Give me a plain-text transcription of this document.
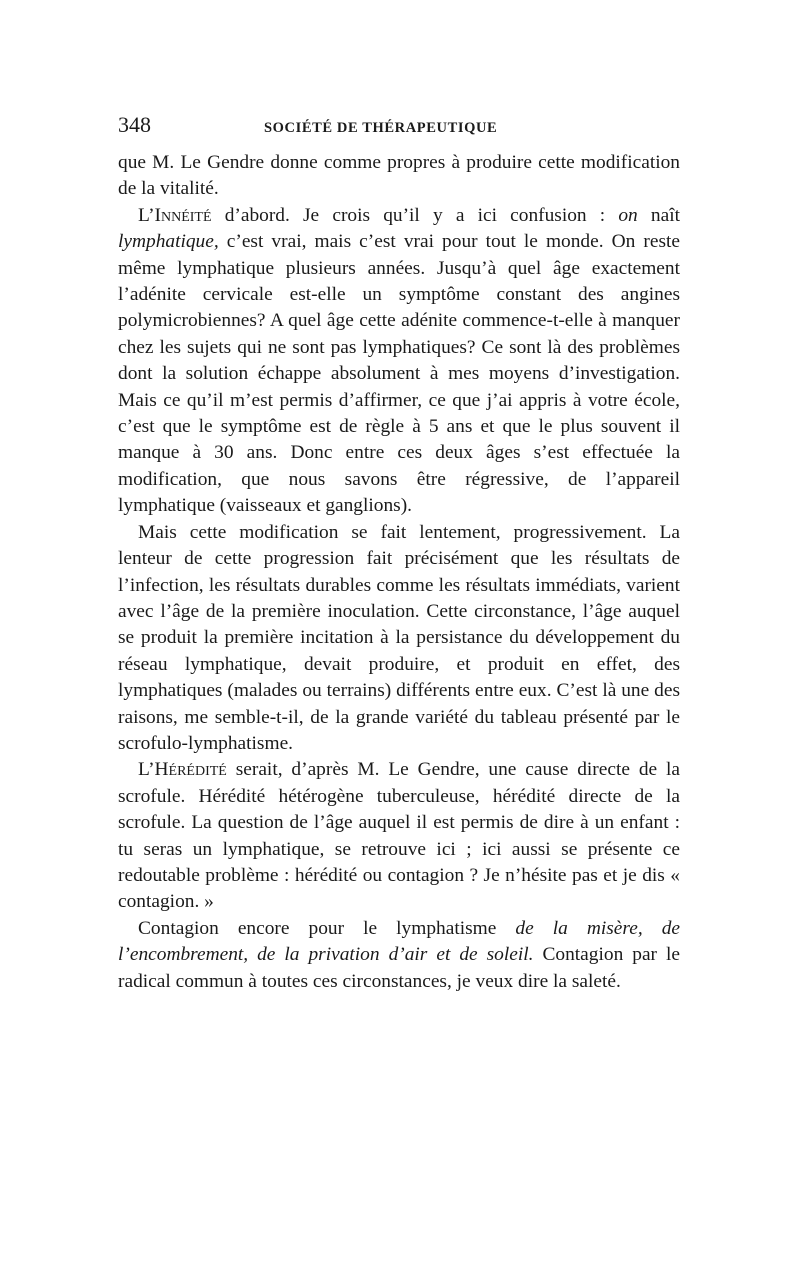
348	SOCIÉTÉ DE THÉRAPEUTIQUE

que M. Le Gendre donne comme propres à produire cette modification de la vitalité.

L’Innéité d’abord. Je crois qu’il y a ici confusion : on naît lymphatique, c’est vrai, mais c’est vrai pour tout le monde. On reste même lymphatique plusieurs années. Jusqu’à quel âge exactement l’adénite cervicale est-elle un symptôme constant des angines polymicrobiennes? A quel âge cette adénite commence-t-elle à manquer chez les sujets qui ne sont pas lymphatiques? Ce sont là des problèmes dont la solution échappe absolument à mes moyens d’investigation. Mais ce qu’il m’est permis d’affirmer, ce que j’ai appris à votre école, c’est que le symptôme est de règle à 5 ans et que le plus souvent il manque à 30 ans. Donc entre ces deux âges s’est effectuée la modification, que nous savons être régressive, de l’appareil lymphatique (vaisseaux et ganglions).

Mais cette modification se fait lentement, progressivement. La lenteur de cette progression fait précisément que les résultats de l’infection, les résultats durables comme les résultats immédiats, varient avec l’âge de la première inoculation. Cette circonstance, l’âge auquel se produit la première incitation à la persistance du développement du réseau lymphatique, devait produire, et produit en effet, des lymphatiques (malades ou terrains) différents entre eux. C’est là une des raisons, me semble-t-il, de la grande variété du tableau présenté par le scrofulo-lymphatisme.

L’Hérédité serait, d’après M. Le Gendre, une cause directe de la scrofule. Hérédité hétérogène tuberculeuse, hérédité directe de la scrofule. La question de l’âge auquel il est permis de dire à un enfant : tu seras un lymphatique, se retrouve ici ; ici aussi se présente ce redoutable problème : hérédité ou contagion ? Je n’hésite pas et je dis « contagion. »

Contagion encore pour le lymphatisme de la misère, de l’encombrement, de la privation d’air et de soleil. Contagion par le radical commun à toutes ces circonstances, je veux dire la saleté.
